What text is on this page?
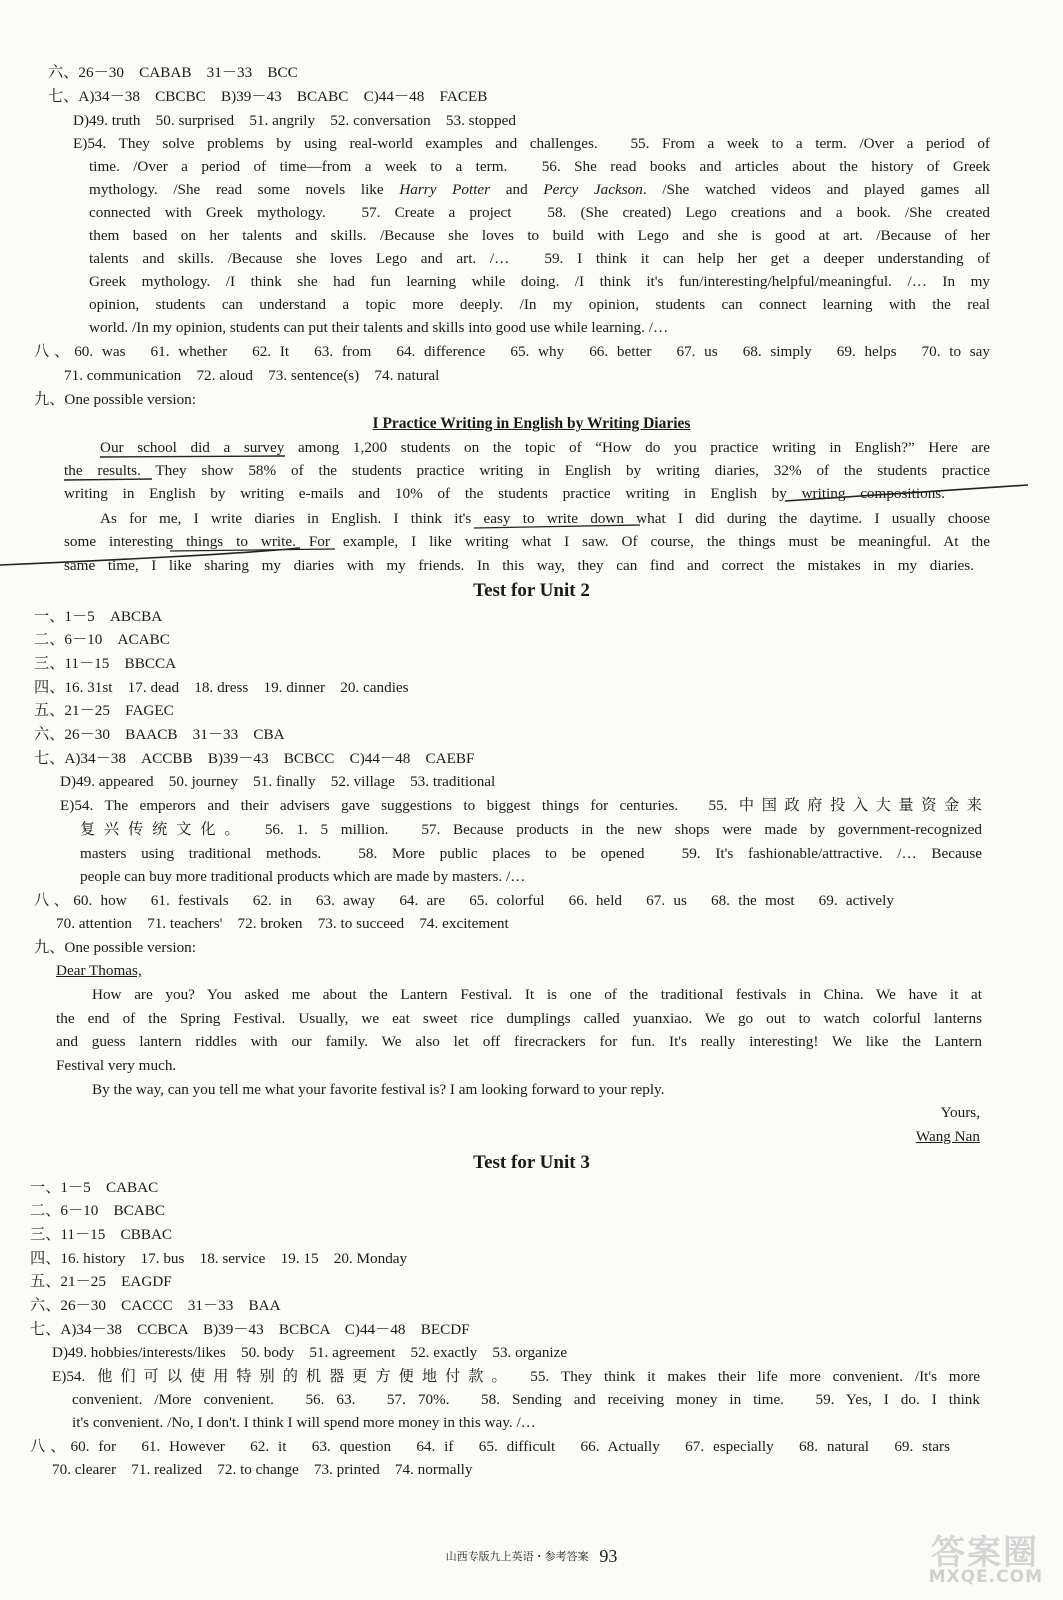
六、26－30　CABAB　31－33　BCC
七、A)34－38　CBCBC　B)39－43　BCABC　C)44－48　FACEB
D)49. truth　50. surprised　51. angrily　52. conversation　53. stopped
E)54. They solve problems by using real-world examples and challenges.　55. From a week to a term. /Over a period of
time. /Over a period of time—from a week to a term.　56. She read books and articles about the history of Greek
mythology. /She read some novels like Harry Potter and Percy Jackson. /She watched videos and played games all
connected with Greek mythology.　57. Create a project　58. (She created) Lego creations and a book. /She created
them based on her talents and skills. /Because she loves to build with Lego and she is good at art. /Because of her
talents and skills. /Because she loves Lego and art. /…　59. I think it can help her get a deeper understanding of
Greek mythology. /I think she had fun learning while doing. /I think it's fun/interesting/helpful/meaningful. /… In my
opinion, students can understand a topic more deeply. /In my opinion, students can connect learning with the real
world. /In my opinion, students can put their talents and skills into good use while learning. /…
八、60. was　61. whether　62. It　63. from　64. difference　65. why　66. better　67. us　68. simply　69. helps　70. to say
71. communication　72. aloud　73. sentence(s)　74. natural
九、One possible version:
I Practice Writing in English by Writing Diaries
Our school did a survey among 1,200 students on the topic of “How do you practice writing in English?” Here are
the results. They show 58% of the students practice writing in English by writing diaries, 32% of the students practice
writing in English by writing e-mails and 10% of the students practice writing in English by writing compositions.
As for me, I write diaries in English. I think it's easy to write down what I did during the daytime. I usually choose
some interesting things to write. For example, I like writing what I saw. Of course, the things must be meaningful. At the
same time, I like sharing my diaries with my friends. In this way, they can find and correct the mistakes in my diaries.
Test for Unit 2
一、1－5　ABCBA
二、6－10　ACABC
三、11－15　BBCCA
四、16. 31st　17. dead　18. dress　19. dinner　20. candies
五、21－25　FAGEC
六、26－30　BAACB　31－33　CBA
七、A)34－38　ACCBB　B)39－43　BCBCC　C)44－48　CAEBF
D)49. appeared　50. journey　51. finally　52. village　53. traditional
E)54. The emperors and their advisers gave suggestions to biggest things for centuries.　55. 中国政府投入大量资金来
复兴传统文化。　56. 1. 5 million.　57. Because products in the new shops were made by government-recognized
masters using traditional methods.　58. More public places to be opened　59. It's fashionable/attractive. /… Because
people can buy more traditional products which are made by masters. /…
八、60. how　61. festivals　62. in　63. away　64. are　65. colorful　66. held　67. us　68. the most　69. actively
70. attention　71. teachers'　72. broken　73. to succeed　74. excitement
九、One possible version:
Dear Thomas,
How are you? You asked me about the Lantern Festival. It is one of the traditional festivals in China. We have it at
the end of the Spring Festival. Usually, we eat sweet rice dumplings called yuanxiao. We go out to watch colorful lanterns
and guess lantern riddles with our family. We also let off firecrackers for fun. It's really interesting! We like the Lantern
Festival very much.
By the way, can you tell me what your favorite festival is? I am looking forward to your reply.
Yours,
Wang Nan
Test for Unit 3
一、1－5　CABAC
二、6－10　BCABC
三、11－15　CBBAC
四、16. history　17. bus　18. service　19. 15　20. Monday
五、21－25　EAGDF
六、26－30　CACCC　31－33　BAA
七、A)34－38　CCBCA　B)39－43　BCBCA　C)44－48　BECDF
D)49. hobbies/interests/likes　50. body　51. agreement　52. exactly　53. organize
E)54. 他们可以使用特别的机器更方便地付款。　55. They think it makes their life more convenient. /It's more
convenient. /More convenient.　56. 63.　57. 70%.　58. Sending and receiving money in time.　59. Yes, I do. I think
it's convenient. /No, I don't. I think I will spend more money in this way. /…
八、60. for　61. However　62. it　63. question　64. if　65. difficult　66. Actually　67. especially　68. natural　69. stars
70. clearer　71. realized　72. to change　73. printed　74. normally
山西专版九上英语・参考答案 93	答案圈
MXQE.COM
